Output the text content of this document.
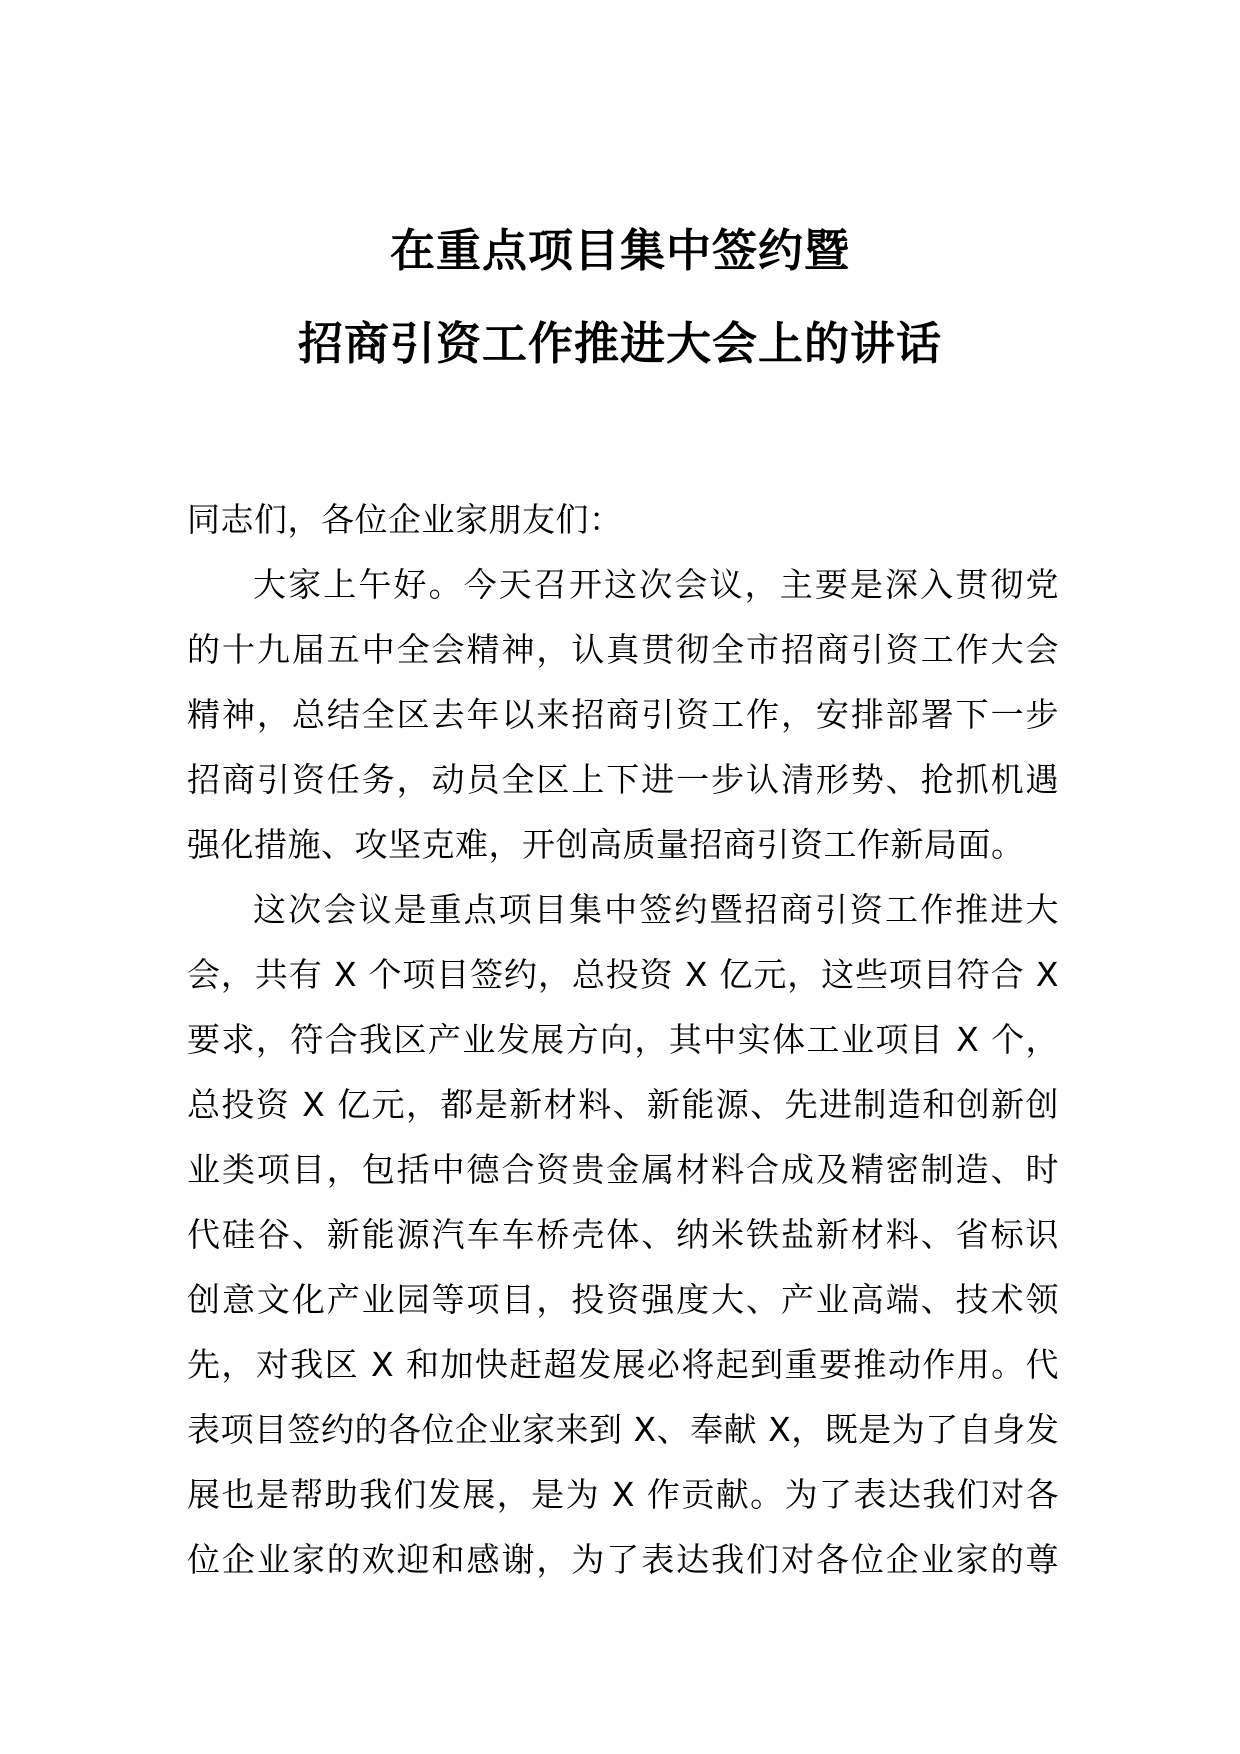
在重点项目集中签约暨
招商引资工作推进大会上的讲话
同志们，各位企业家朋友们：
大家上午好。今天召开这次会议，主要是深入贯彻党
的十九届五中全会精神，认真贯彻全市招商引资工作大会
精神，总结全区去年以来招商引资工作，安排部署下一步
招商引资任务，动员全区上下进一步认清形势、抢抓机遇
强化措施、攻坚克难，开创高质量招商引资工作新局面。
这次会议是重点项目集中签约暨招商引资工作推进大
会，共有 X 个项目签约，总投资 X 亿元，这些项目符合 X
要求，符合我区产业发展方向，其中实体工业项目 X 个，
总投资 X 亿元，都是新材料、新能源、先进制造和创新创
业类项目，包括中德合资贵金属材料合成及精密制造、时
代硅谷、新能源汽车车桥壳体、纳米铁盐新材料、省标识
创意文化产业园等项目，投资强度大、产业高端、技术领
先，对我区 X 和加快赶超发展必将起到重要推动作用。代
表项目签约的各位企业家来到 X、奉献 X，既是为了自身发
展也是帮助我们发展，是为 X 作贡献。为了表达我们对各
位企业家的欢迎和感谢，为了表达我们对各位企业家的尊
